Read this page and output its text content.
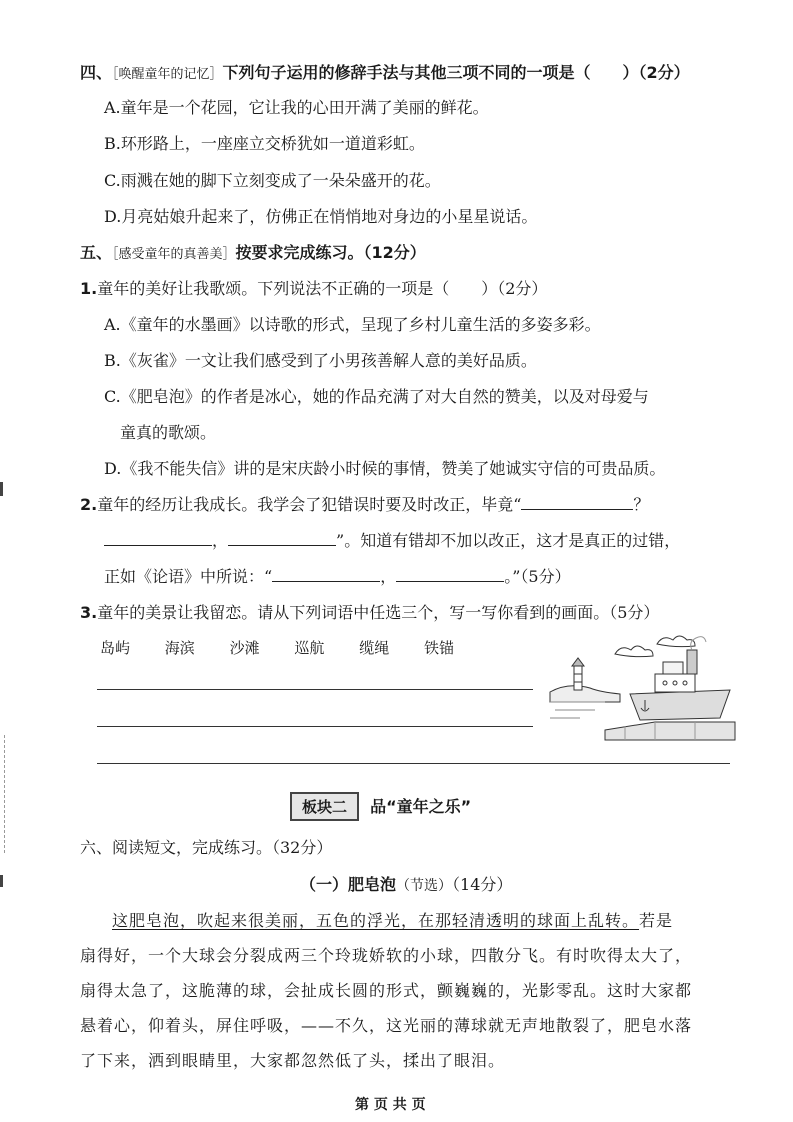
四、［唤醒童年的记忆］下列句子运用的修辞手法与其他三项不同的一项是（　　）（2分）
A.童年是一个花园，它让我的心田开满了美丽的鲜花。
B.环形路上，一座座立交桥犹如一道道彩虹。
C.雨溅在她的脚下立刻变成了一朵朵盛开的花。
D.月亮姑娘升起来了，仿佛正在悄悄地对身边的小星星说话。
五、［感受童年的真善美］按要求完成练习。（12分）
1.童年的美好让我歌颂。下列说法不正确的一项是（　　）（2分）
A.《童年的水墨画》以诗歌的形式，呈现了乡村儿童生活的多姿多彩。
B.《灰雀》一文让我们感受到了小男孩善解人意的美好品质。
C.《肥皂泡》的作者是冰心，她的作品充满了对大自然的赞美，以及对母爱与
童真的歌颂。
D.《我不能失信》讲的是宋庆龄小时候的事情，赞美了她诚实守信的可贵品质。
2.童年的经历让我成长。我学会了犯错误时要及时改正，毕竟“	？
，	”。知道有错却不加以改正，这才是真正的过错，
正如《论语》中所说：“	，	。”（5分）
3.童年的美景让我留恋。请从下列词语中任选三个，写一写你看到的画面。（5分）
岛屿 海滨 沙滩 巡航 缆绳 铁锚
板块二 品“童年之乐”
六、阅读短文，完成练习。（32分）
（一）肥皂泡（节选）（14分）
这肥皂泡，吹起来很美丽，五色的浮光，在那轻清透明的球面上乱转。若是
扇得好，一个大球会分裂成两三个玲珑娇软的小球，四散分飞。有时吹得太大了，
扇得太急了，这脆薄的球，会扯成长圆的形式，颤巍巍的，光影零乱。这时大家都
悬着心，仰着头，屏住呼吸，——不久，这光丽的薄球就无声地散裂了，肥皂水落
了下来，洒到眼睛里，大家都忽然低了头，揉出了眼泪。
第 页 共 页
